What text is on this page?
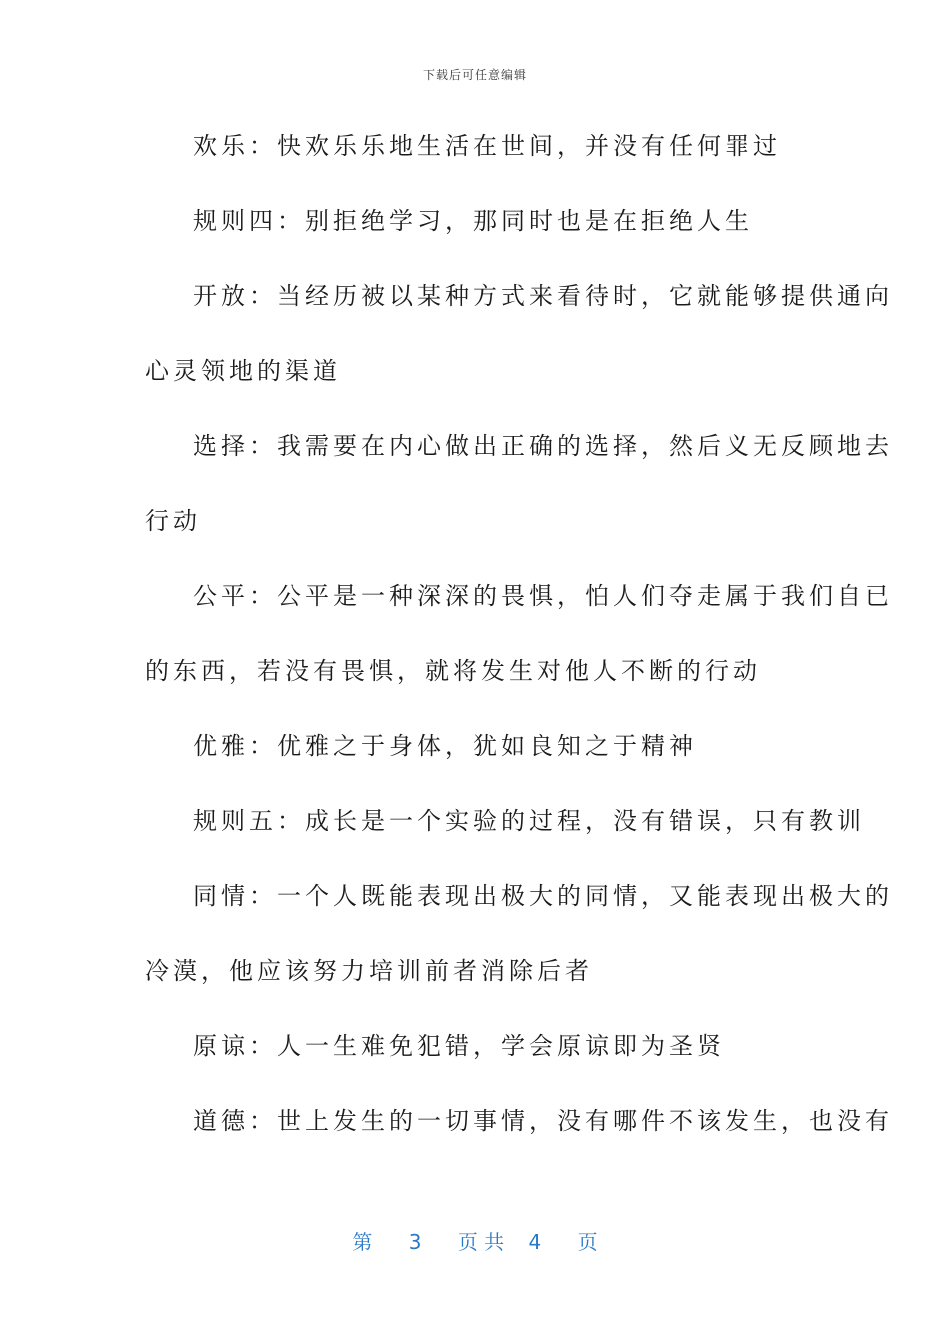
下载后可任意编辑
欢乐：快欢乐乐地生活在世间，并没有任何罪过
规则四：别拒绝学习，那同时也是在拒绝人生
开放：当经历被以某种方式来看待时，它就能够提供通向
心灵领地的渠道
选择：我需要在内心做出正确的选择，然后义无反顾地去
行动
公平：公平是一种深深的畏惧，怕人们夺走属于我们自已
的东西，若没有畏惧，就将发生对他人不断的行动
优雅：优雅之于身体，犹如良知之于精神
规则五：成长是一个实验的过程，没有错误，只有教训
同情：一个人既能表现出极大的同情，又能表现出极大的
冷漠，他应该努力培训前者消除后者
原谅：人一生难免犯错，学会原谅即为圣贤
道德：世上发生的一切事情，没有哪件不该发生，也没有
第 3 页 共 4 页
